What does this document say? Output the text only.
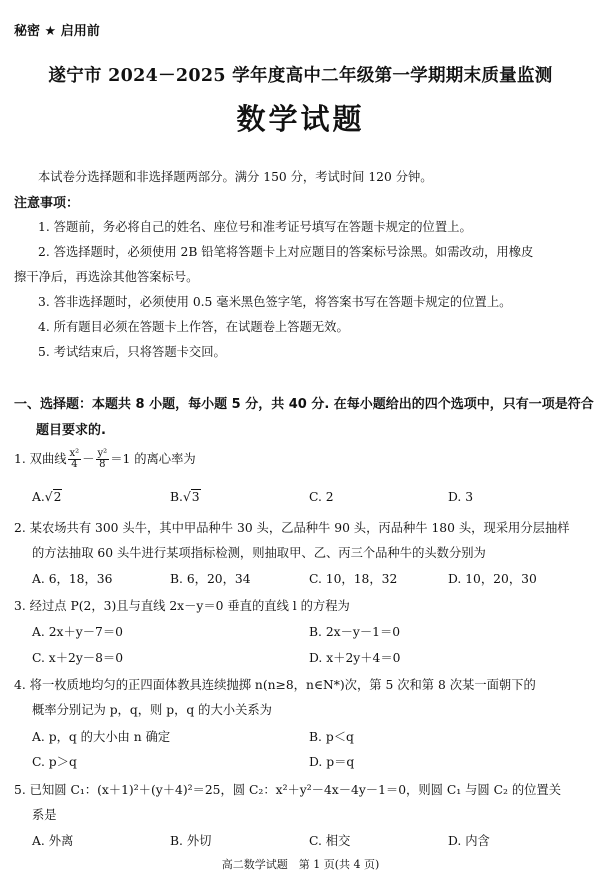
秘密 ★ 启用前
遂宁市 2024－2025 学年度高中二年级第一学期期末质量监测
数学试题
本试卷分选择题和非选择题两部分。满分 150 分，考试时间 120 分钟。
注意事项：
1. 答题前，务必将自己的姓名、座位号和准考证号填写在答题卡规定的位置上。
2. 答选择题时，必须使用 2B 铅笔将答题卡上对应题目的答案标号涂黑。如需改动，用橡皮
擦干净后，再选涂其他答案标号。
3. 答非选择题时，必须使用 0.5 毫米黑色签字笔，将答案书写在答题卡规定的位置上。
4. 所有题目必须在答题卡上作答，在试题卷上答题无效。
5. 考试结束后，只将答题卡交回。
一、选择题：本题共 8 小题，每小题 5 分，共 40 分. 在每小题给出的四个选项中，只有一项是符合
题目要求的.
1. 双曲线 $\frac{\text{x²}}{4} - \frac{\text{y²}}{8} =1$ 的离心率为
A.√2	B.√3	C. 2	D. 3
2. 某农场共有 300 头牛，其中甲品种牛 30 头，乙品种牛 90 头，丙品种牛 180 头，现采用分层抽样
的方法抽取 60 头牛进行某项指标检测，则抽取甲、乙、丙三个品种牛的头数分别为
A. 6，18，36	B. 6，20，34	C. 10，18，32	D. 10，20，30
3. 经过点 P(2，3)且与直线 2x－y＝0 垂直的直线 l 的方程为
A. 2x＋y－7＝0	B. 2x－y－1＝0
C. x＋2y－8＝0	D. x＋2y＋4＝0
4. 将一枚质地均匀的正四面体教具连续抛掷 n(n≥8，n∈N*)次，第 5 次和第 8 次某一面朝下的
概率分别记为 p，q，则 p，q 的大小关系为
A. p，q 的大小由 n 确定	B. p＜q
C. p＞q	D. p＝q
5. 已知圆 C₁：(x＋1)²＋(y＋4)²＝25，圆 C₂：x²＋y²－4x－4y－1＝0，则圆 C₁ 与圆 C₂ 的位置关
系是
A. 外离	B. 外切	C. 相交	D. 内含
高二数学试题　第 1 页(共 4 页)
